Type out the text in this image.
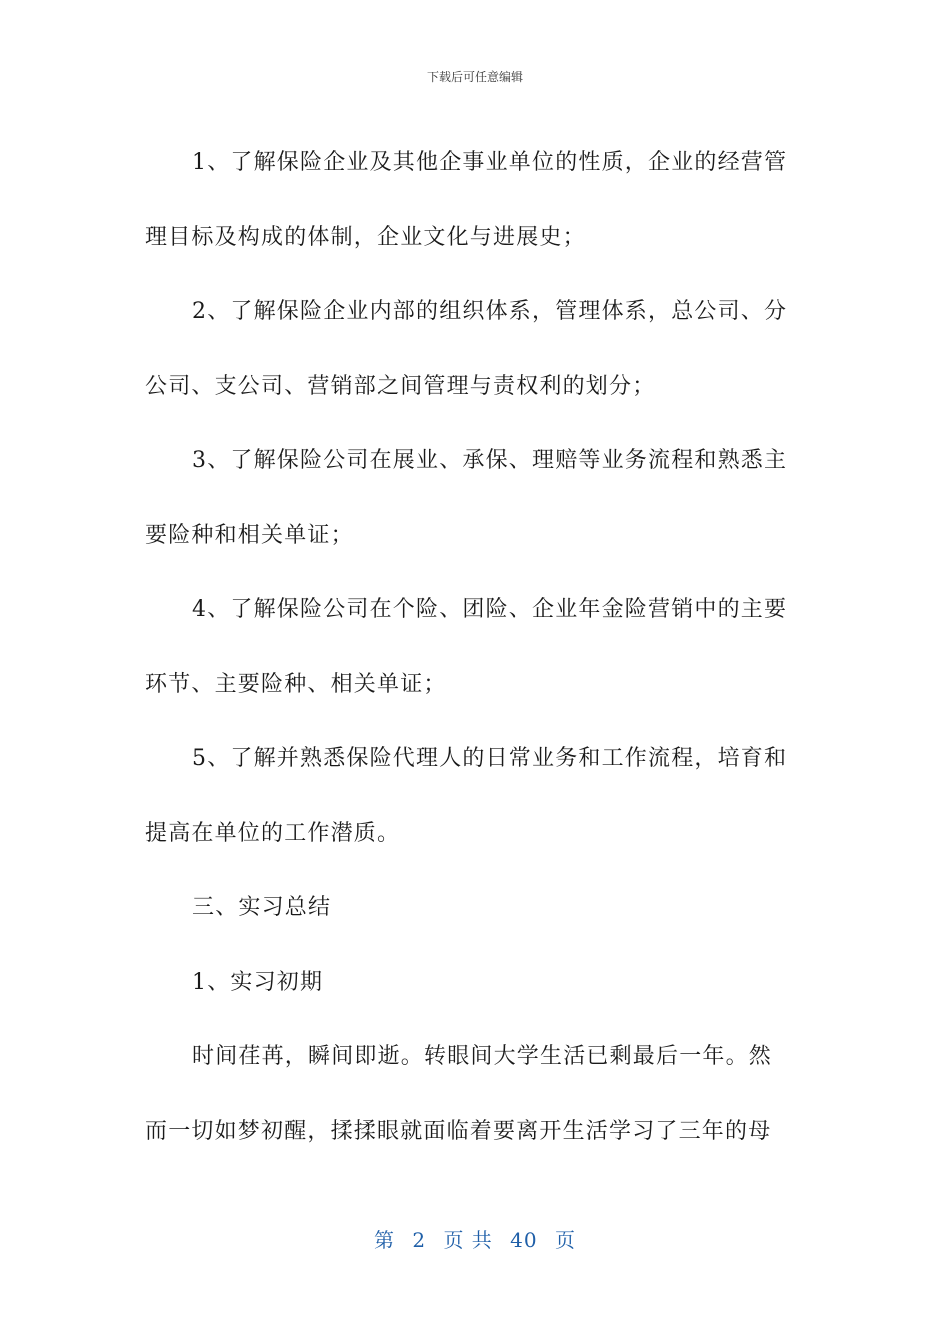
下载后可任意编辑

1、了解保险企业及其他企事业单位的性质，企业的经营管

理目标及构成的体制，企业文化与进展史；

2、了解保险企业内部的组织体系，管理体系，总公司、分

公司、支公司、营销部之间管理与责权利的划分；

3、了解保险公司在展业、承保、理赔等业务流程和熟悉主

要险种和相关单证；

4、了解保险公司在个险、团险、企业年金险营销中的主要

环节、主要险种、相关单证；

5、了解并熟悉保险代理人的日常业务和工作流程，培育和

提高在单位的工作潜质。

三、实习总结

1、实习初期

时间荏苒，瞬间即逝。转眼间大学生活已剩最后一年。然

而一切如梦初醒，揉揉眼就面临着要离开生活学习了三年的母

第 2 页 共 40 页
